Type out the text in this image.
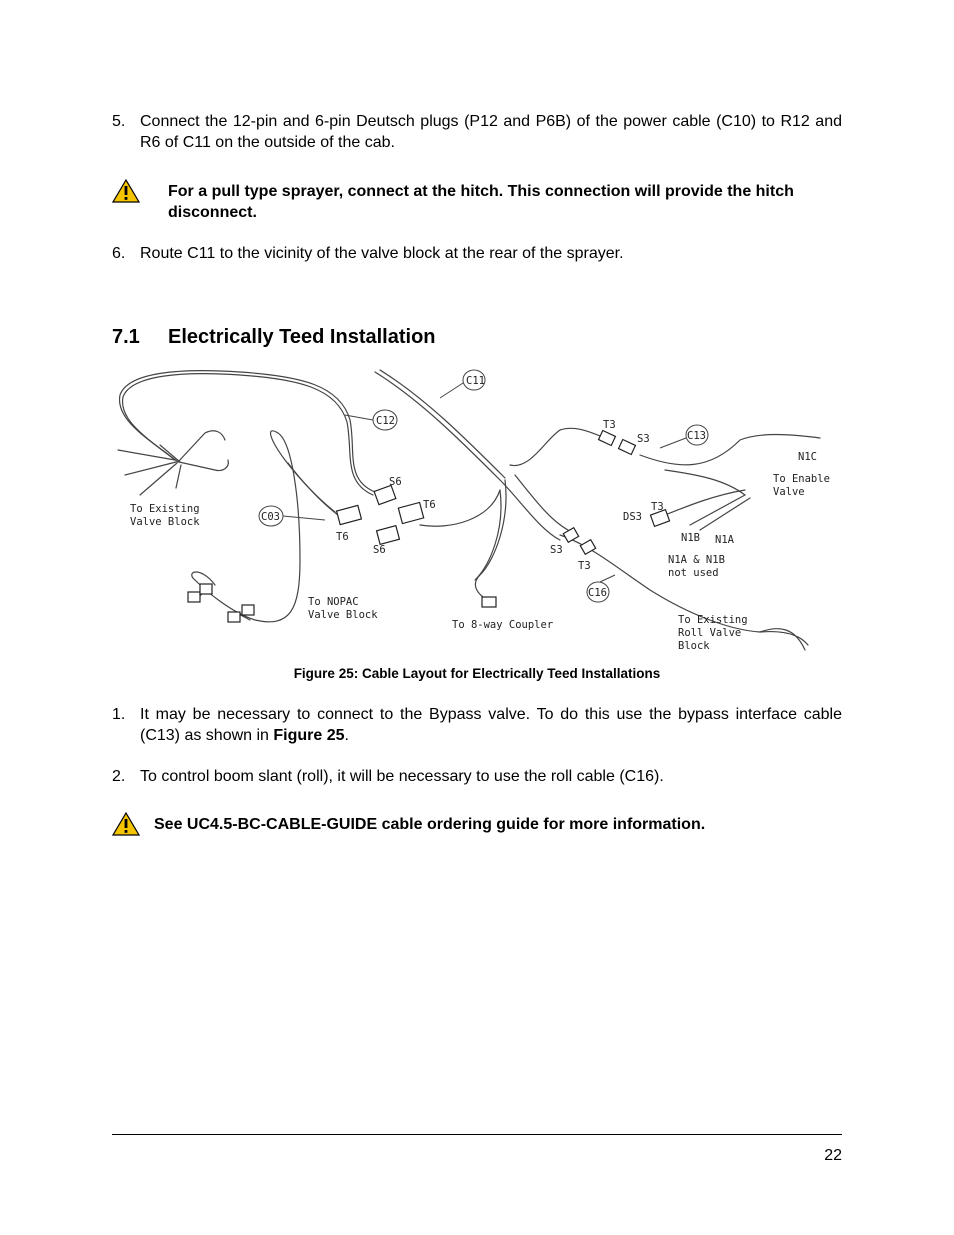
5. Connect the 12-pin and 6-pin Deutsch plugs (P12 and P6B) of the power cable (C10) to R12 and R6 of C11 on the outside of the cab.
For a pull type sprayer, connect at the hitch. This connection will provide the hitch disconnect.
6. Route C11 to the vicinity of the valve block at the rear of the sprayer.
7.1 Electrically Teed Installation
C11
C12
S6
T6
T6
S6
C03
T3
S3	C13
N1C
To Enable
Valve
T3
DS3
N1B N1A
N1A & N1B
not used
S3
T3
C16
To Existing
Valve Block
To NOPAC
Valve Block
To 8-way Coupler	To Existing
Roll Valve
Block
Figure 25: Cable Layout for Electrically Teed Installations
1. It may be necessary to connect to the Bypass valve. To do this use the bypass interface cable (C13) as shown in Figure 25.
2. To control boom slant (roll), it will be necessary to use the roll cable (C16).
See UC4.5-BC-CABLE-GUIDE cable ordering guide for more information.
22
